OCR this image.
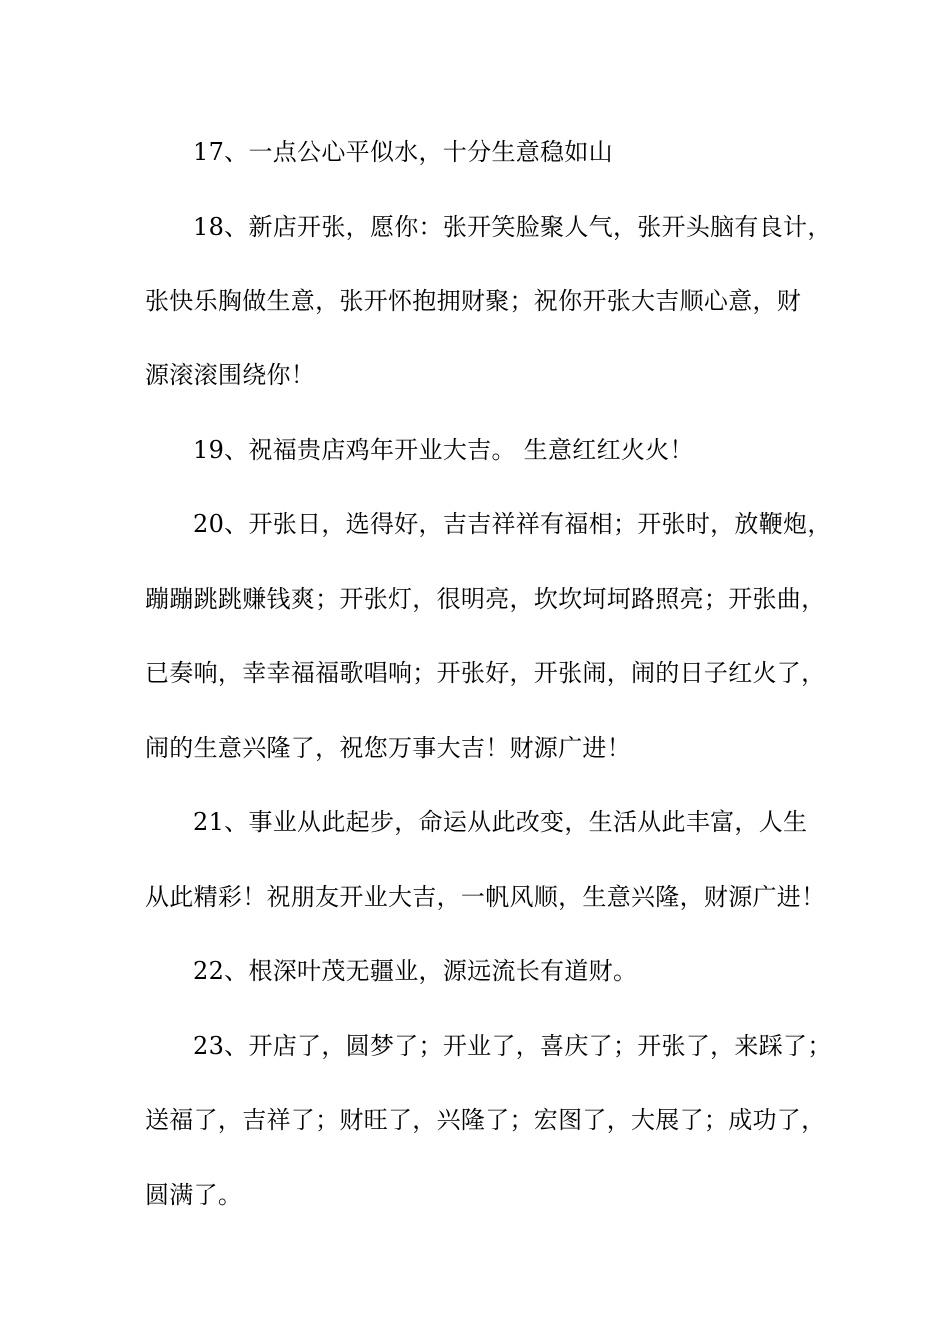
17、一点公心平似水，十分生意稳如山
18、新店开张，愿你：张开笑脸聚人气，张开头脑有良计，
张快乐胸做生意，张开怀抱拥财聚；祝你开张大吉顺心意，财
源滚滚围绕你！
19、祝福贵店鸡年开业大吉。 生意红红火火！
20、开张日，选得好，吉吉祥祥有福相；开张时，放鞭炮，
蹦蹦跳跳赚钱爽；开张灯，很明亮，坎坎坷坷路照亮；开张曲，
已奏响，幸幸福福歌唱响；开张好，开张闹，闹的日子红火了，
闹的生意兴隆了，祝您万事大吉！财源广进！
21、事业从此起步，命运从此改变，生活从此丰富，人生
从此精彩！祝朋友开业大吉，一帆风顺，生意兴隆，财源广进！
22、根深叶茂无疆业，源远流长有道财。
23、开店了，圆梦了；开业了，喜庆了；开张了，来踩了；
送福了，吉祥了；财旺了，兴隆了；宏图了，大展了；成功了，
圆满了。
